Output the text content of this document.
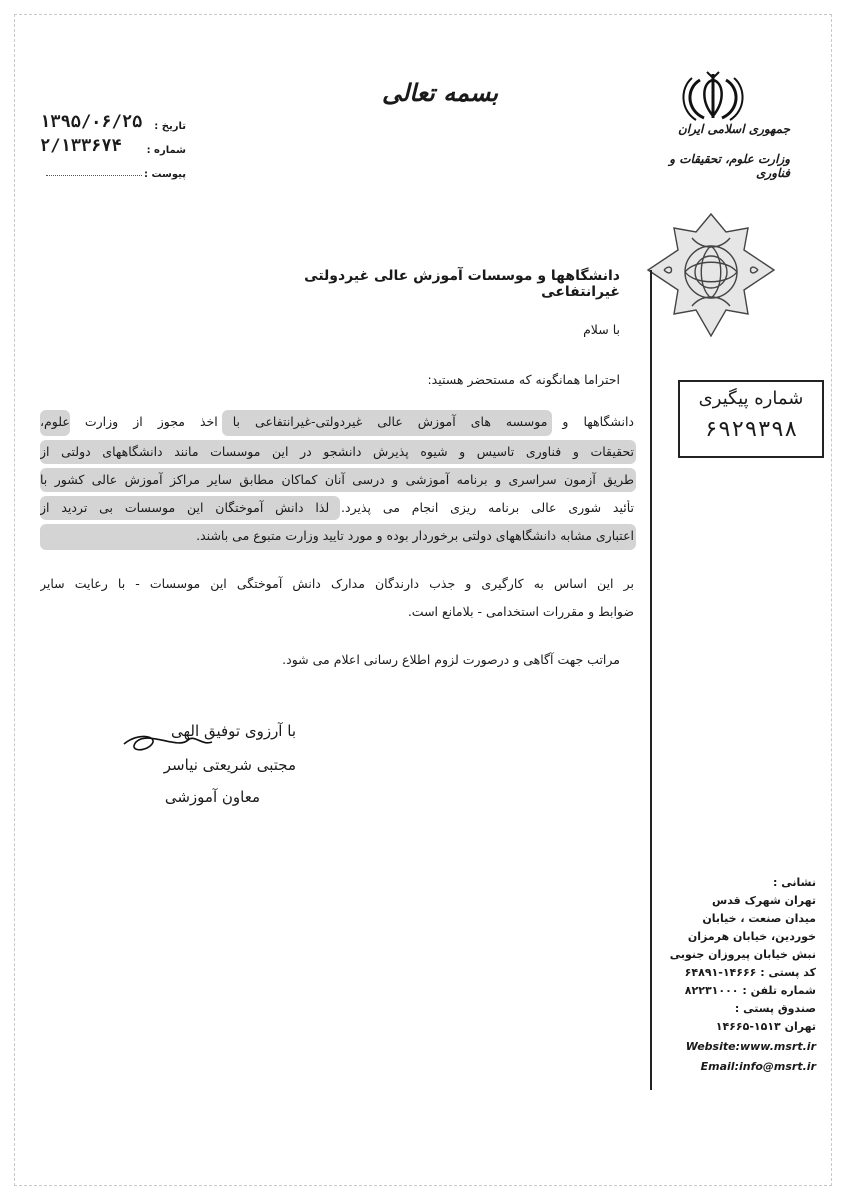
بسمه تعالی
تاریخ :
۱۳۹۵/۰۶/۲۵
شماره :
۲/۱۳۳۶۷۴
پیوست :
جمهوری اسلامی ایران
وزارت علوم، تحقیقات و فناوری
شماره پیگیری
۶۹۲۹۳۹۸
دانشگاهها و موسسات آموزش عالی غیردولتی غیرانتفاعی
با سلام
احتراما همانگونه که مستحضر هستید:
دانشگاهها و موسسه های آموزش عالی غیردولتی-غیرانتفاعی با اخذ مجوز از وزارت علوم،
تحقیقات و فناوری تاسیس و شیوه پذیرش دانشجو در این موسسات مانند دانشگاههای دولتی از
طریق آزمون سراسری و برنامه آموزشی و درسی آنان کماکان مطابق سایر مراکز آموزش عالی کشور با
تأئید شوری عالی برنامه ریزی انجام می پذیرد. لذا دانش آموختگان این موسسات بی تردید از
اعتباری مشابه دانشگاههای دولتی برخوردار بوده و مورد تایید وزارت متبوع می باشند.
بر این اساس به کارگیری و جذب دارندگان مدارک دانش آموختگی این موسسات - با رعایت سایر
ضوابط و مقررات استخدامی - بلامانع است.
مراتب جهت آگاهی و درصورت لزوم اطلاع رسانی اعلام می شود.
با آرزوی توفیق الهی
مجتبی شریعتی نیاسر
معاون آموزشی
نشانی :
تهران شهرک قدس
میدان صنعت ، خیابان
خوردین، خیابان هرمزان
نبش خیابان پیروزان جنوبی
کد پستی : ۱۴۶۶۶-۶۴۸۹۱
شماره تلفن : ۸۲۲۳۱۰۰۰
صندوق پستی :
تهران ۱۵۱۳-۱۴۶۶۵
Website:www.msrt.ir
Email:info@msrt.ir
